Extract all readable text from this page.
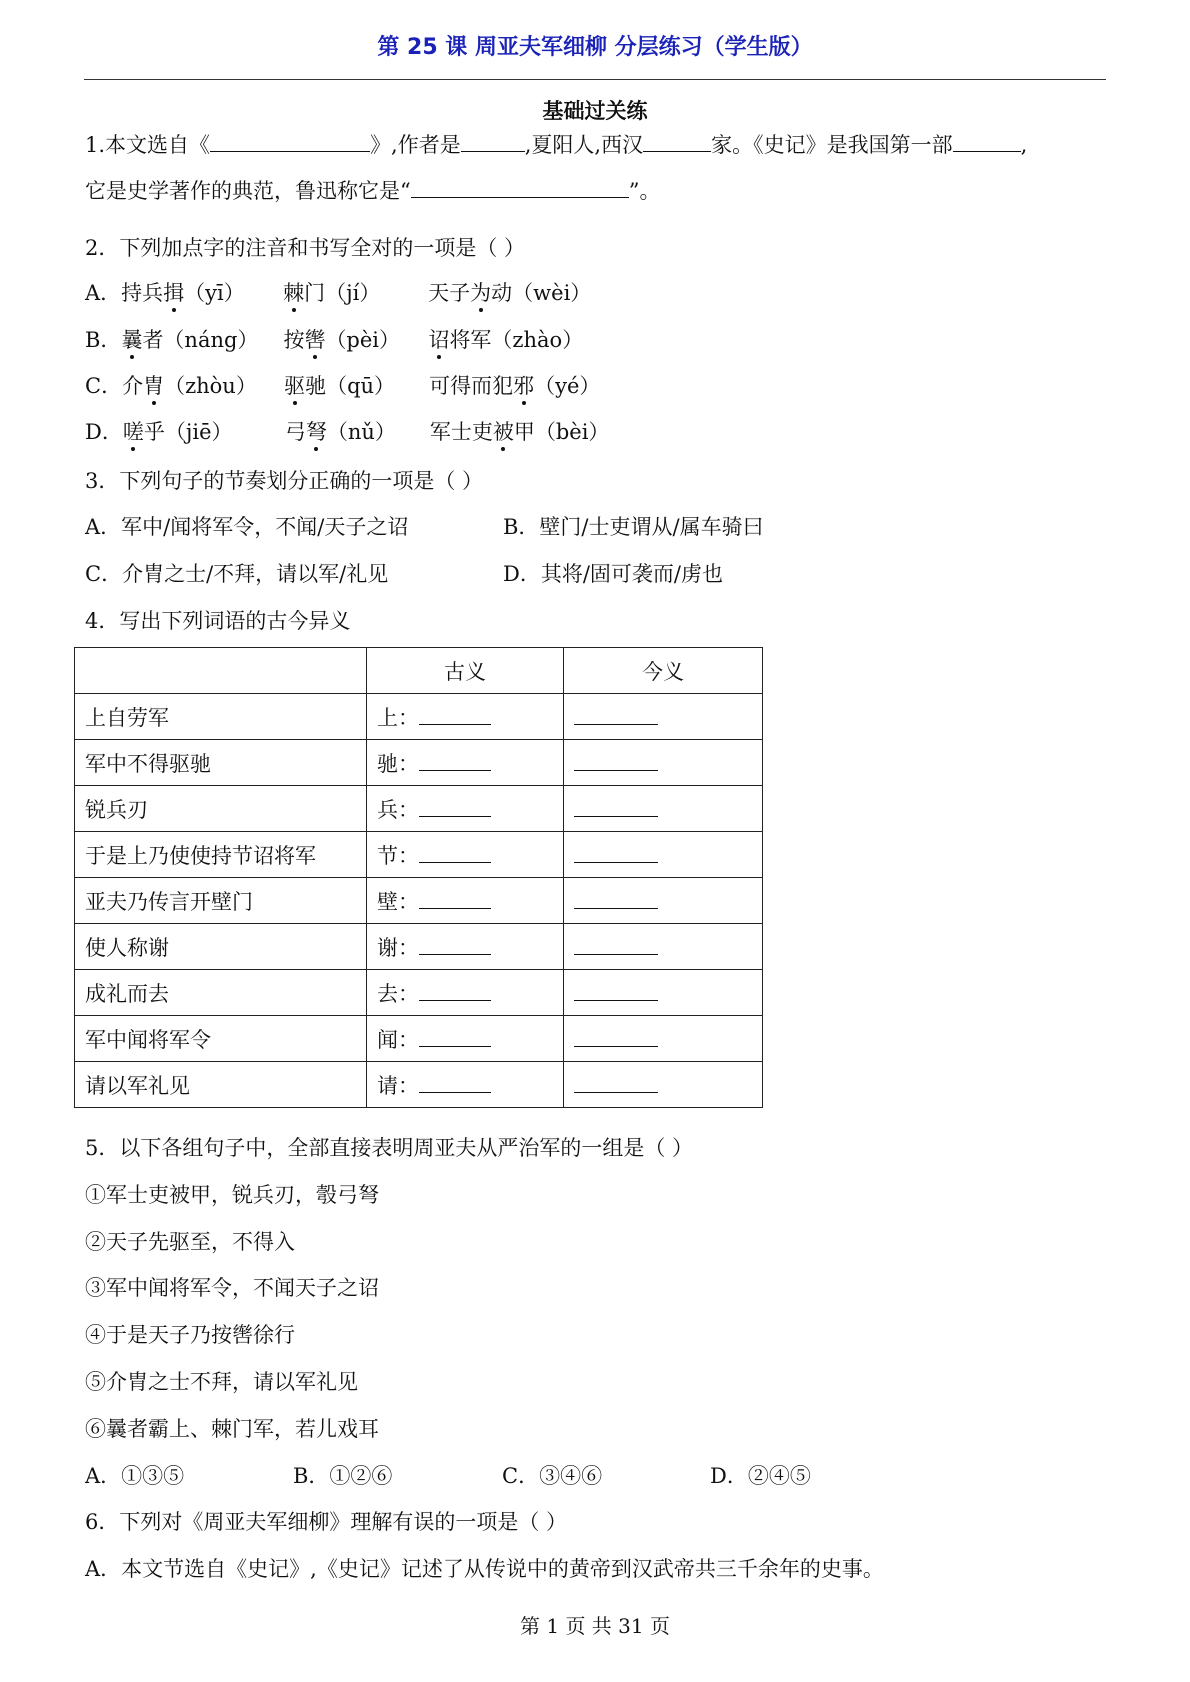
第 25 课 周亚夫军细柳 分层练习（学生版）
基础过关练
1.本文选自《	》,作者是	,夏阳人,西汉	家。《史记》是我国第一部	,
它是史学著作的典范，鲁迅称它是“	”。
2．下列加点字的注音和书写全对的一项是（ ）
A．持兵揖（yī） 棘门（jí） 天子为动（wèi）
B．曩者（náng） 按辔（pèi） 诏将军（zhào）
C．介胄（zhòu） 驱驰（qū） 可得而犯邪（yé）
D．嗟乎（jiē） 弓弩（nǔ） 军士吏被甲（bèi）
3．下列句子的节奏划分正确的一项是（ ）
A．军中/闻将军令，不闻/天子之诏	B．壁门/士吏谓从/属车骑曰
C．介胄之士/不拜，请以军/礼见	D．其将/固可袭而/虏也
4．写出下列词语的古今异义
	古义	今义
上自劳军	上：	
军中不得驱驰	驰：	
锐兵刃	兵：	
于是上乃使使持节诏将军	节：	
亚夫乃传言开壁门	壁：	
使人称谢	谢：	
成礼而去	去：	
军中闻将军令	闻：	
请以军礼见	请：	
5．以下各组句子中，全部直接表明周亚夫从严治军的一组是（ ）
①军士吏被甲，锐兵刃，彀弓弩
②天子先驱至，不得入
③军中闻将军令，不闻天子之诏
④于是天子乃按辔徐行
⑤介胄之士不拜，请以军礼见
⑥曩者霸上、棘门军，若儿戏耳
A．①③⑤	B．①②⑥	C．③④⑥	D．②④⑤
6．下列对《周亚夫军细柳》理解有误的一项是（ ）
A．本文节选自《史记》,《史记》记述了从传说中的黄帝到汉武帝共三千余年的史事。
第 1 页 共 31 页
